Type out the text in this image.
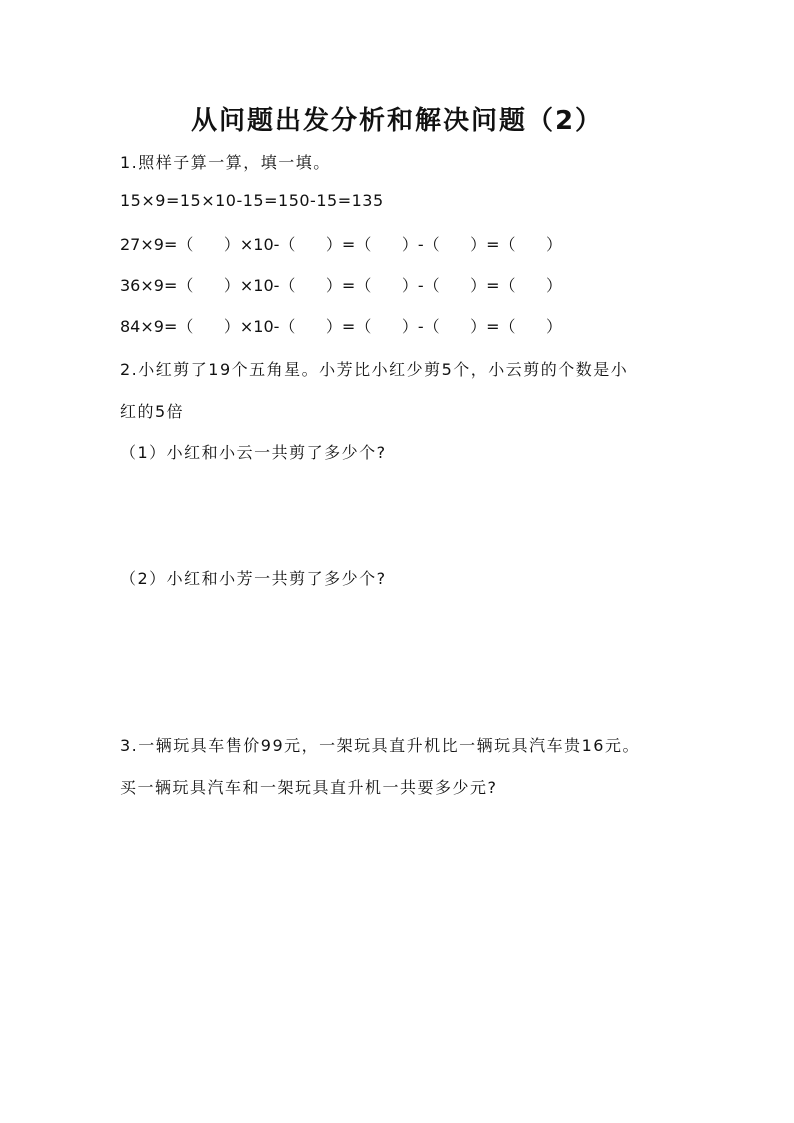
从问题出发分析和解决问题（2）
1.照样子算一算，填一填。
15×9=15×10-15=150-15=135
27×9=（      ）×10-（      ）=（      ）-（      ）=（      ）
36×9=（      ）×10-（      ）=（      ）-（      ）=（      ）
84×9=（      ）×10-（      ）=（      ）-（      ）=（      ）
2.小红剪了19个五角星。小芳比小红少剪5个，小云剪的个数是小
红的5倍
（1）小红和小云一共剪了多少个?
（2）小红和小芳一共剪了多少个?
3.一辆玩具车售价99元，一架玩具直升机比一辆玩具汽车贵16元。
买一辆玩具汽车和一架玩具直升机一共要多少元?
